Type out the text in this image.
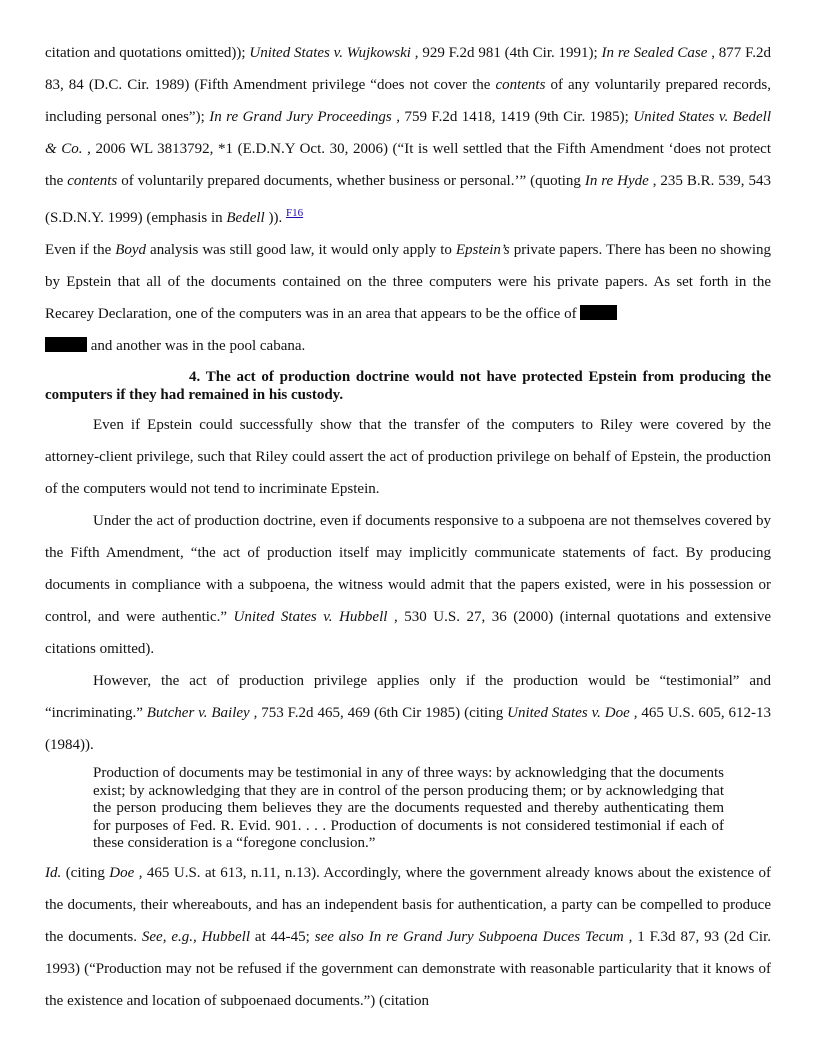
citation and quotations omitted)); United States v. Wujkowski , 929 F.2d 981 (4th Cir. 1991); In re Sealed Case , 877 F.2d 83, 84 (D.C. Cir. 1989) (Fifth Amendment privilege “does not cover the contents of any voluntarily prepared records, including personal ones”); In re Grand Jury Proceedings , 759 F.2d 1418, 1419 (9th Cir. 1985); United States v. Bedell & Co. , 2006 WL 3813792, *1 (E.D.N.Y Oct. 30, 2006) (“It is well settled that the Fifth Amendment ‘does not protect the contents of voluntarily prepared documents, whether business or personal.’” (quoting In re Hyde , 235 B.R. 539, 543 (S.D.N.Y. 1999) (emphasis in Bedell )). $^{F16}$

Even if the Boyd analysis was still good law, it would only apply to Epstein’s private papers. There has been no showing by Epstein that all of the documents contained on the three computers were his private papers. As set forth in the Recarey Declaration, one of the computers was in an area that appears to be the office of
and another was in the pool cabana.

4. The act of production doctrine would not have protected Epstein from producing the computers if they had remained in his custody.

Even if Epstein could successfully show that the transfer of the computers to Riley were covered by the attorney-client privilege, such that Riley could assert the act of production privilege on behalf of Epstein, the production of the computers would not tend to incriminate Epstein.

Under the act of production doctrine, even if documents responsive to a subpoena are not themselves covered by the Fifth Amendment, “the act of production itself may implicitly communicate statements of fact. By producing documents in compliance with a subpoena, the witness would admit that the papers existed, were in his possession or control, and were authentic.” United States v. Hubbell , 530 U.S. 27, 36 (2000) (internal quotations and extensive citations omitted).

However, the act of production privilege applies only if the production would be “testimonial” and “incriminating.” Butcher v. Bailey , 753 F.2d 465, 469 (6th Cir 1985) (citing United States v. Doe , 465 U.S. 605, 612-13 (1984)).

Production of documents may be testimonial in any of three ways: by acknowledging that the documents exist; by acknowledging that they are in control of the person producing them; or by acknowledging that the person producing them believes they are the documents requested and thereby authenticating them for purposes of Fed. R. Evid. 901. . . . Production of documents is not considered testimonial if each of these consideration is a “foregone conclusion.”

Id. (citing Doe , 465 U.S. at 613, n.11, n.13). Accordingly, where the government already knows about the existence of the documents, their whereabouts, and has an independent basis for authentication, a party can be compelled to produce the documents. See, e.g., Hubbell at 44-45; see also In re Grand Jury Subpoena Duces Tecum , 1 F.3d 87, 93 (2d Cir. 1993) (“Production may not be refused if the government can demonstrate with reasonable particularity that it knows of the existence and location of subpoenaed documents.”) (citation
